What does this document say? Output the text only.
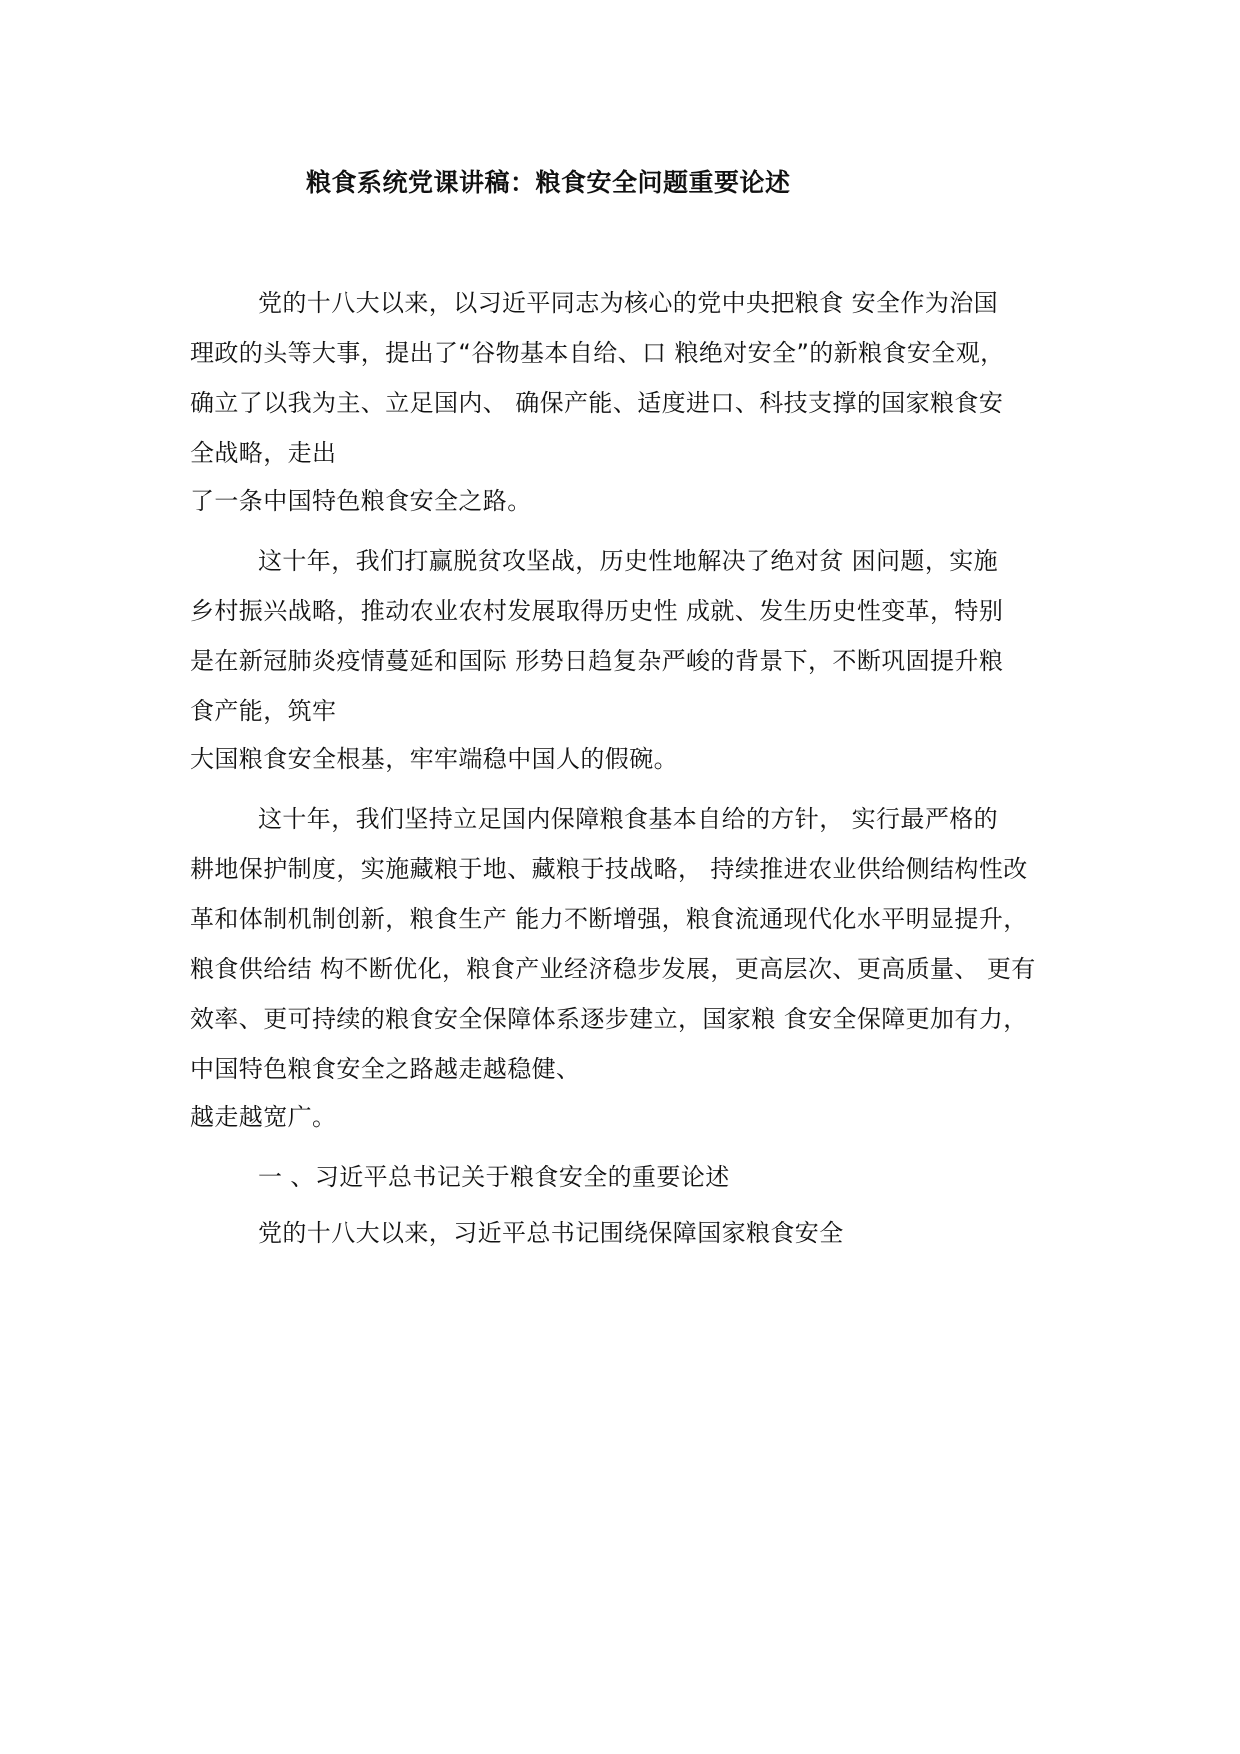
粮食系统党课讲稿：粮食安全问题重要论述
党的十八大以来，以习近平同志为核心的党中央把粮食 安全作为治国
理政的头等大事，提出了“谷物基本自给、口 粮绝对安全”的新粮食安全观，
确立了以我为主、立足国内、 确保产能、适度进口、科技支撑的国家粮食安
全战略，走出
了一条中国特色粮食安全之路。
这十年，我们打赢脱贫攻坚战，历史性地解决了绝对贫 困问题，实施
乡村振兴战略，推动农业农村发展取得历史性 成就、发生历史性变革，特别
是在新冠肺炎疫情蔓延和国际 形势日趋复杂严峻的背景下，不断巩固提升粮
食产能，筑牢
大国粮食安全根基，牢牢端稳中国人的假碗。
这十年，我们坚持立足国内保障粮食基本自给的方针， 实行最严格的
耕地保护制度，实施藏粮于地、藏粮于技战略， 持续推进农业供给侧结构性改
革和体制机制创新，粮食生产 能力不断增强，粮食流通现代化水平明显提升，
粮食供给结 构不断优化，粮食产业经济稳步发展，更高层次、更高质量、 更有
效率、更可持续的粮食安全保障体系逐步建立，国家粮 食安全保障更加有力，
中国特色粮食安全之路越走越稳健、
越走越宽广。
一 、习近平总书记关于粮食安全的重要论述
党的十八大以来，习近平总书记围绕保障国家粮食安全
